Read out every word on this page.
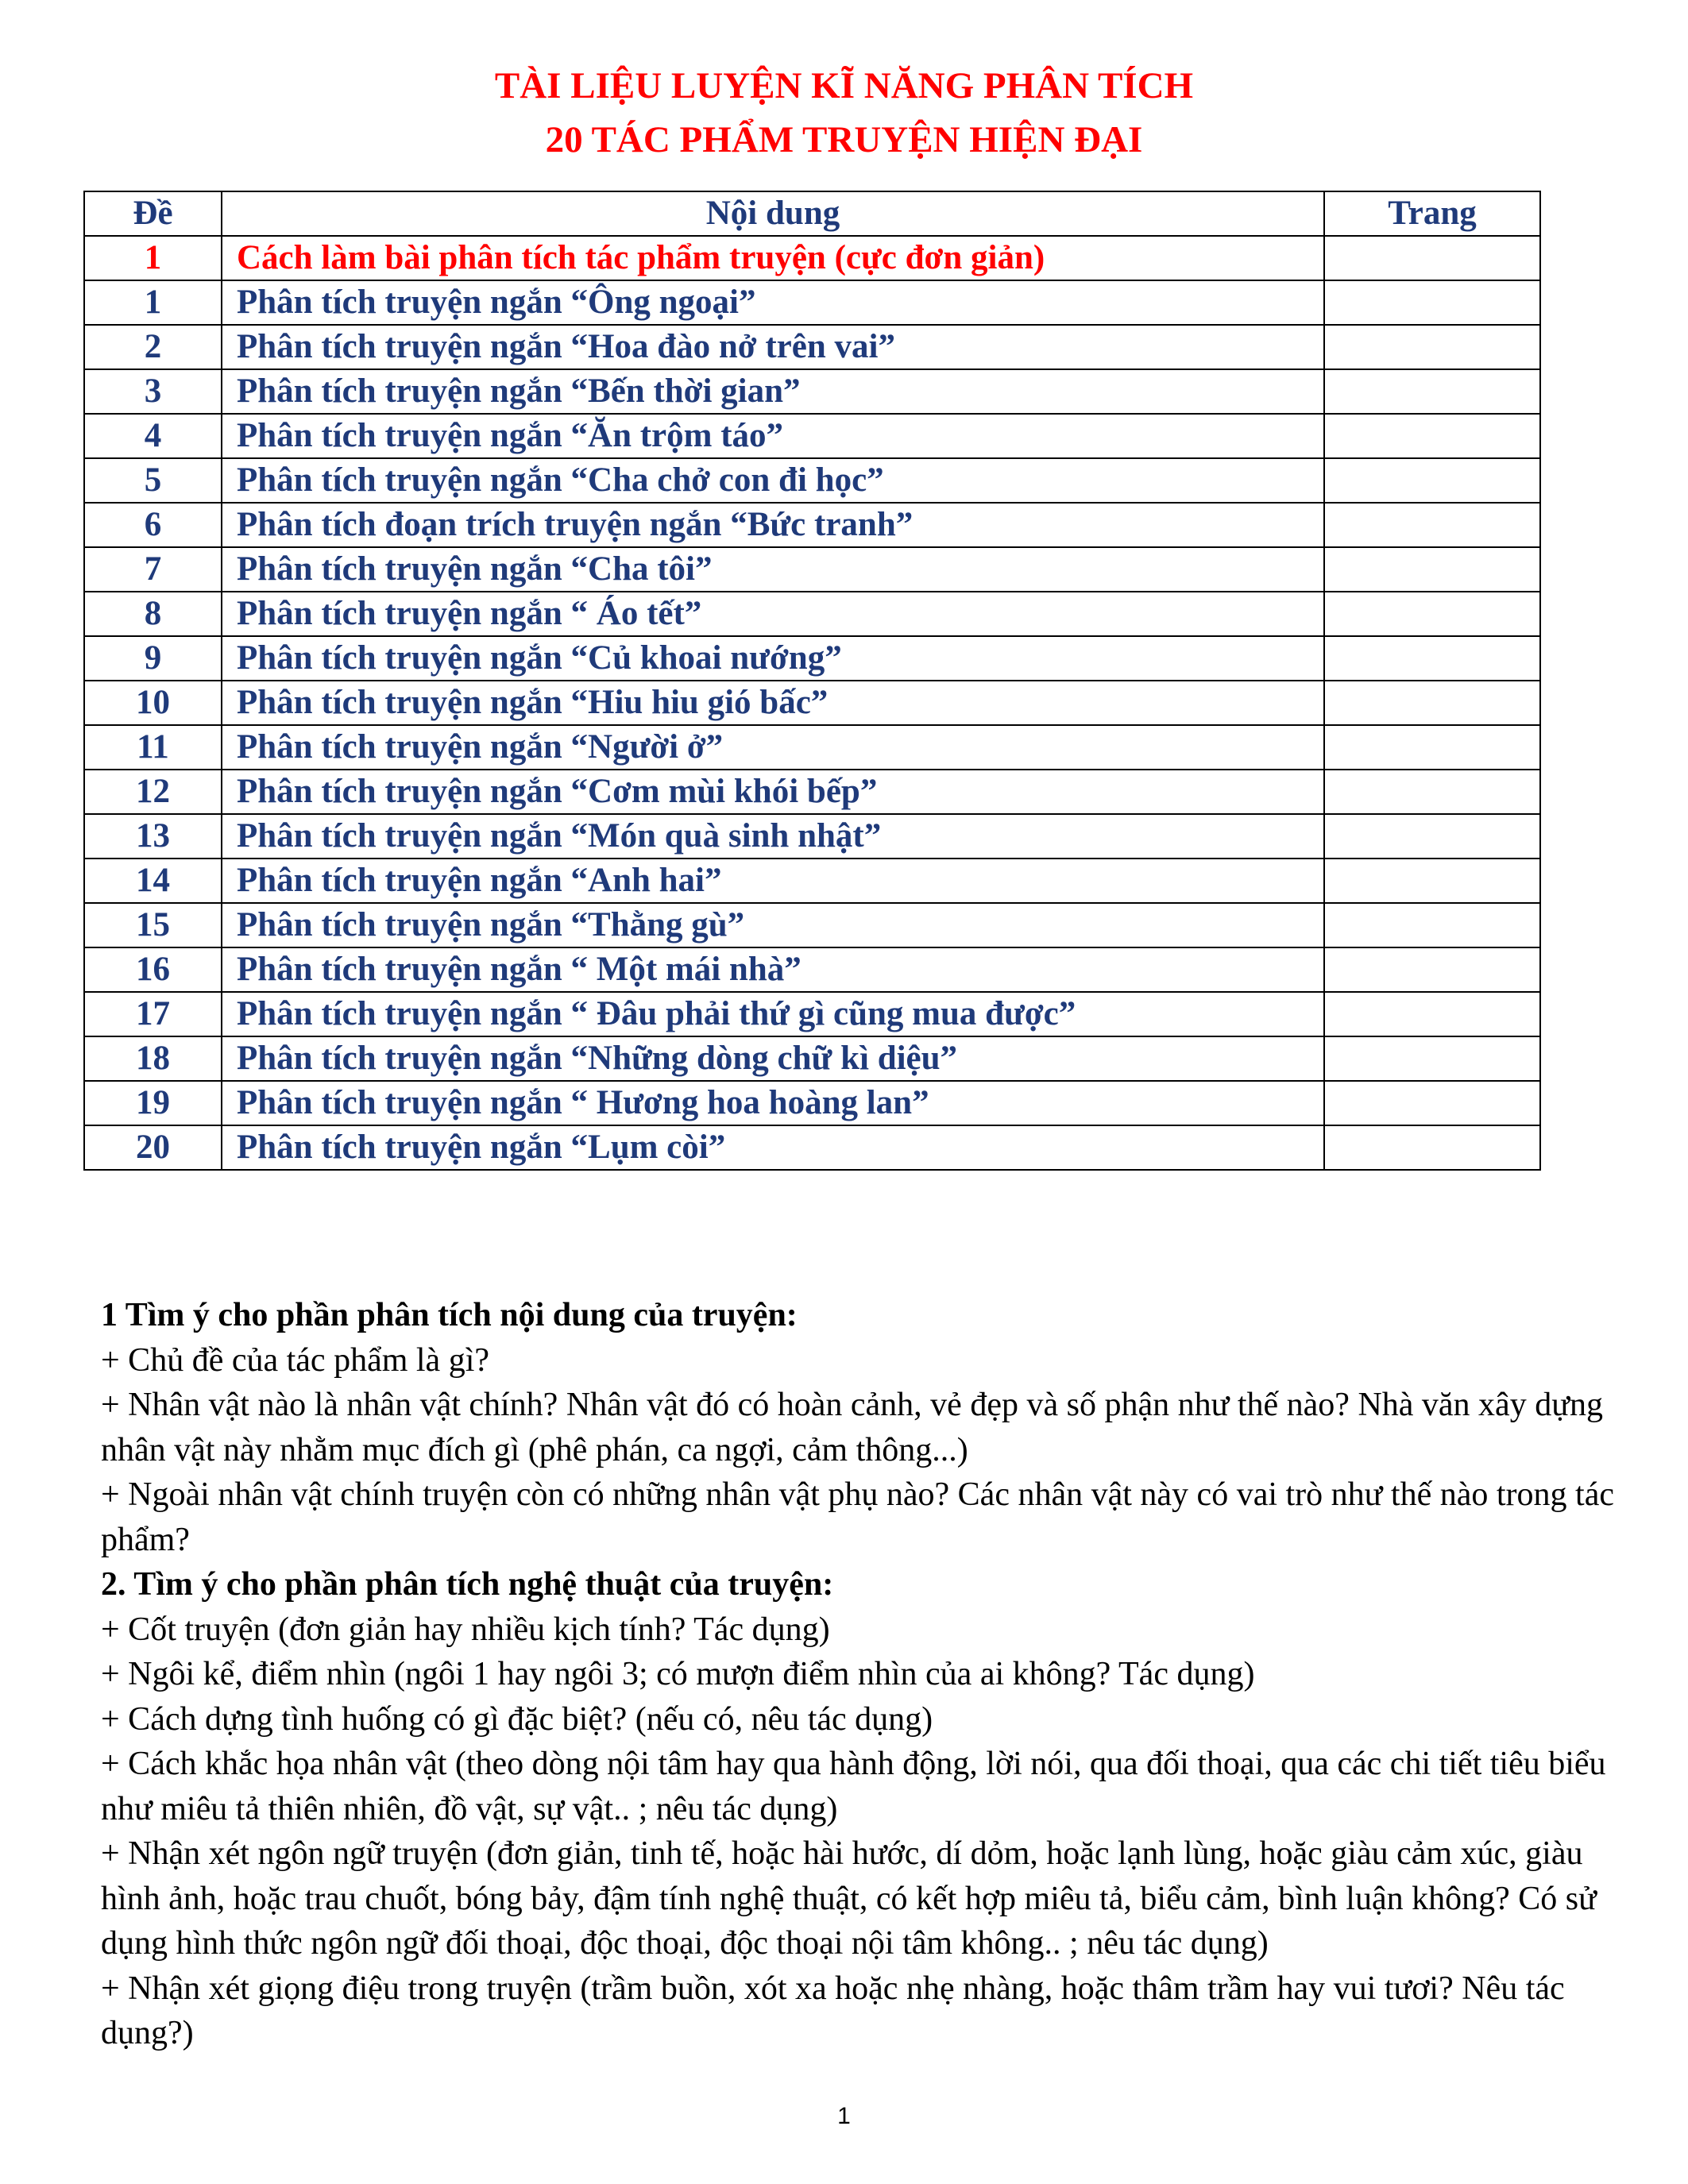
TÀI LIỆU LUYỆN KĨ NĂNG PHÂN TÍCH
20 TÁC PHẨM TRUYỆN HIỆN ĐẠI
Đề	Nội dung	Trang
1	Cách làm bài phân tích tác phẩm truyện (cực đơn giản)	
1	Phân tích truyện ngắn “Ông ngoại”	
2	Phân tích truyện ngắn “Hoa đào nở trên vai”	
3	Phân tích truyện ngắn “Bến thời gian”	
4	Phân tích truyện ngắn “Ăn trộm táo”	
5	Phân tích truyện ngắn “Cha chở con đi học”	
6	Phân tích đoạn trích truyện ngắn “Bức tranh”	
7	Phân tích truyện ngắn “Cha tôi”	
8	Phân tích truyện ngắn “ Áo tết”	
9	Phân tích truyện ngắn “Củ khoai nướng”	
10	Phân tích truyện ngắn “Hiu hiu gió bấc”	
11	Phân tích truyện ngắn “Người ở”	
12	Phân tích truyện ngắn “Cơm mùi khói bếp”	
13	Phân tích truyện ngắn “Món quà sinh nhật”	
14	Phân tích truyện ngắn “Anh hai”	
15	Phân tích truyện ngắn “Thằng gù”	
16	Phân tích truyện ngắn “ Một mái nhà”	
17	Phân tích truyện ngắn “ Đâu phải thứ gì cũng mua được”	
18	Phân tích truyện ngắn “Những dòng chữ kì diệu”	
19	Phân tích truyện ngắn “ Hương hoa hoàng lan”	
20	Phân tích truyện ngắn “Lụm còi”	

1 Tìm ý cho phần phân tích nội dung của truyện:

+ Chủ đề của tác phẩm là gì?

+ Nhân vật nào là nhân vật chính? Nhân vật đó có hoàn cảnh, vẻ đẹp và số phận như thế nào? Nhà văn xây dựng nhân vật này nhằm mục đích gì (phê phán, ca ngợi, cảm thông...)

+ Ngoài nhân vật chính truyện còn có những nhân vật phụ nào? Các nhân vật này có vai trò như thế nào trong tác phẩm?

2. Tìm ý cho phần phân tích nghệ thuật của truyện:

+ Cốt truyện (đơn giản hay nhiều kịch tính? Tác dụng)

+ Ngôi kể, điểm nhìn (ngôi 1 hay ngôi 3; có mượn điểm nhìn của ai không? Tác dụng)

+ Cách dựng tình huống có gì đặc biệt? (nếu có, nêu tác dụng)

+ Cách khắc họa nhân vật (theo dòng nội tâm hay qua hành động, lời nói, qua đối thoại, qua các chi tiết tiêu biểu như miêu tả thiên nhiên, đồ vật, sự vật.. ; nêu tác dụng)

+ Nhận xét ngôn ngữ truyện (đơn giản, tinh tế, hoặc hài hước, dí dỏm, hoặc lạnh lùng, hoặc giàu cảm xúc, giàu hình ảnh, hoặc trau chuốt, bóng bảy, đậm tính nghệ thuật, có kết hợp miêu tả, biểu cảm, bình luận không? Có sử dụng hình thức ngôn ngữ đối thoại, độc thoại, độc thoại nội tâm không.. ; nêu tác dụng)

+ Nhận xét giọng điệu trong truyện (trầm buồn, xót xa hoặc nhẹ nhàng, hoặc thâm trầm hay vui tươi? Nêu tác dụng?)

1
